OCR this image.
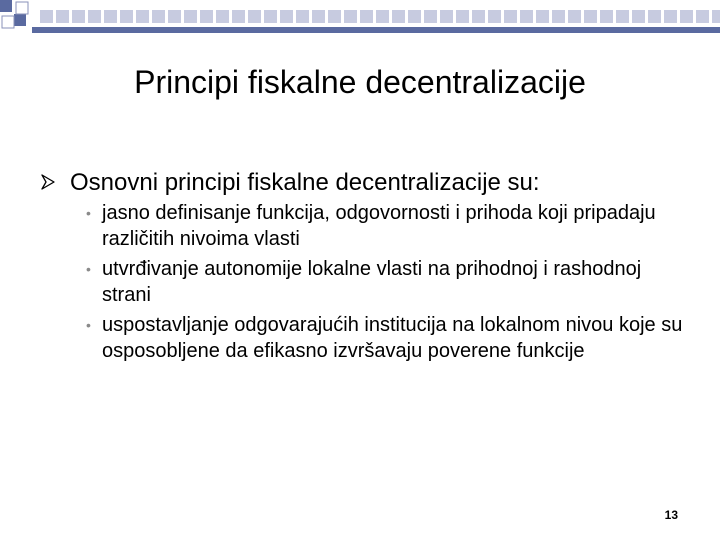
Principi fiskalne decentralizacije
Osnovni principi fiskalne decentralizacije su:
• jasno definisanje funkcija, odgovornosti i prihoda koji pripadaju različitih nivoima vlasti
• utvrđivanje autonomije lokalne vlasti na prihodnoj i rashodnoj strani
• uspostavljanje odgovarajućih institucija na lokalnom nivou koje su osposobljene da efikasno izvršavaju poverene funkcije
13
